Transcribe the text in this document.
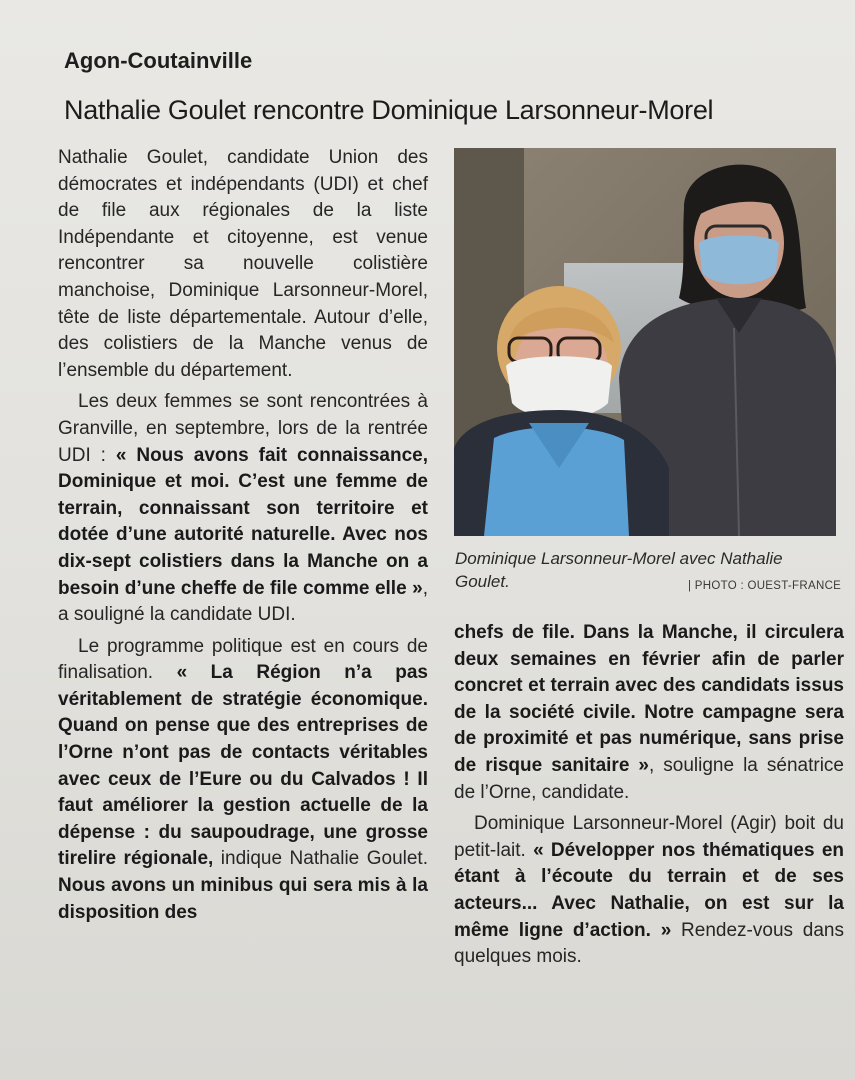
Agon-Coutainville
Nathalie Goulet rencontre Dominique Larsonneur-Morel

Nathalie Goulet, candidate Union des démocrates et indépendants (UDI) et chef de file aux régionales de la liste Indépendante et citoyenne, est venue rencontrer sa nouvelle colistière manchoise, Dominique Larsonneur-Morel, tête de liste départementale. Autour d’elle, des colistiers de la Manche venus de l’ensemble du département.

Les deux femmes se sont rencontrées à Granville, en septembre, lors de la rentrée UDI : « Nous avons fait connaissance, Dominique et moi. C’est une femme de terrain, connaissant son territoire et dotée d’une autorité naturelle. Avec nos dix-sept colistiers dans la Manche on a besoin d’une cheffe de file comme elle », a souligné la candidate UDI.

Le programme politique est en cours de finalisation. « La Région n’a pas véritablement de stratégie économique. Quand on pense que des entreprises de l’Orne n’ont pas de contacts véritables avec ceux de l’Eure ou du Calvados ! Il faut améliorer la gestion actuelle de la dépense : du saupoudrage, une grosse tirelire régionale, indique Nathalie Goulet. Nous avons un minibus qui sera mis à la disposition des

Dominique Larsonneur-Morel avec Nathalie Goulet.	| PHOTO : OUEST-FRANCE

chefs de file. Dans la Manche, il circulera deux semaines en février afin de parler concret et terrain avec des candidats issus de la société civile. Notre campagne sera de proximité et pas numérique, sans prise de risque sanitaire », souligne la sénatrice de l’Orne, candidate.

Dominique Larsonneur-Morel (Agir) boit du petit-lait. « Développer nos thématiques en étant à l’écoute du terrain et de ses acteurs... Avec Nathalie, on est sur la même ligne d’action. » Rendez-vous dans quelques mois.
